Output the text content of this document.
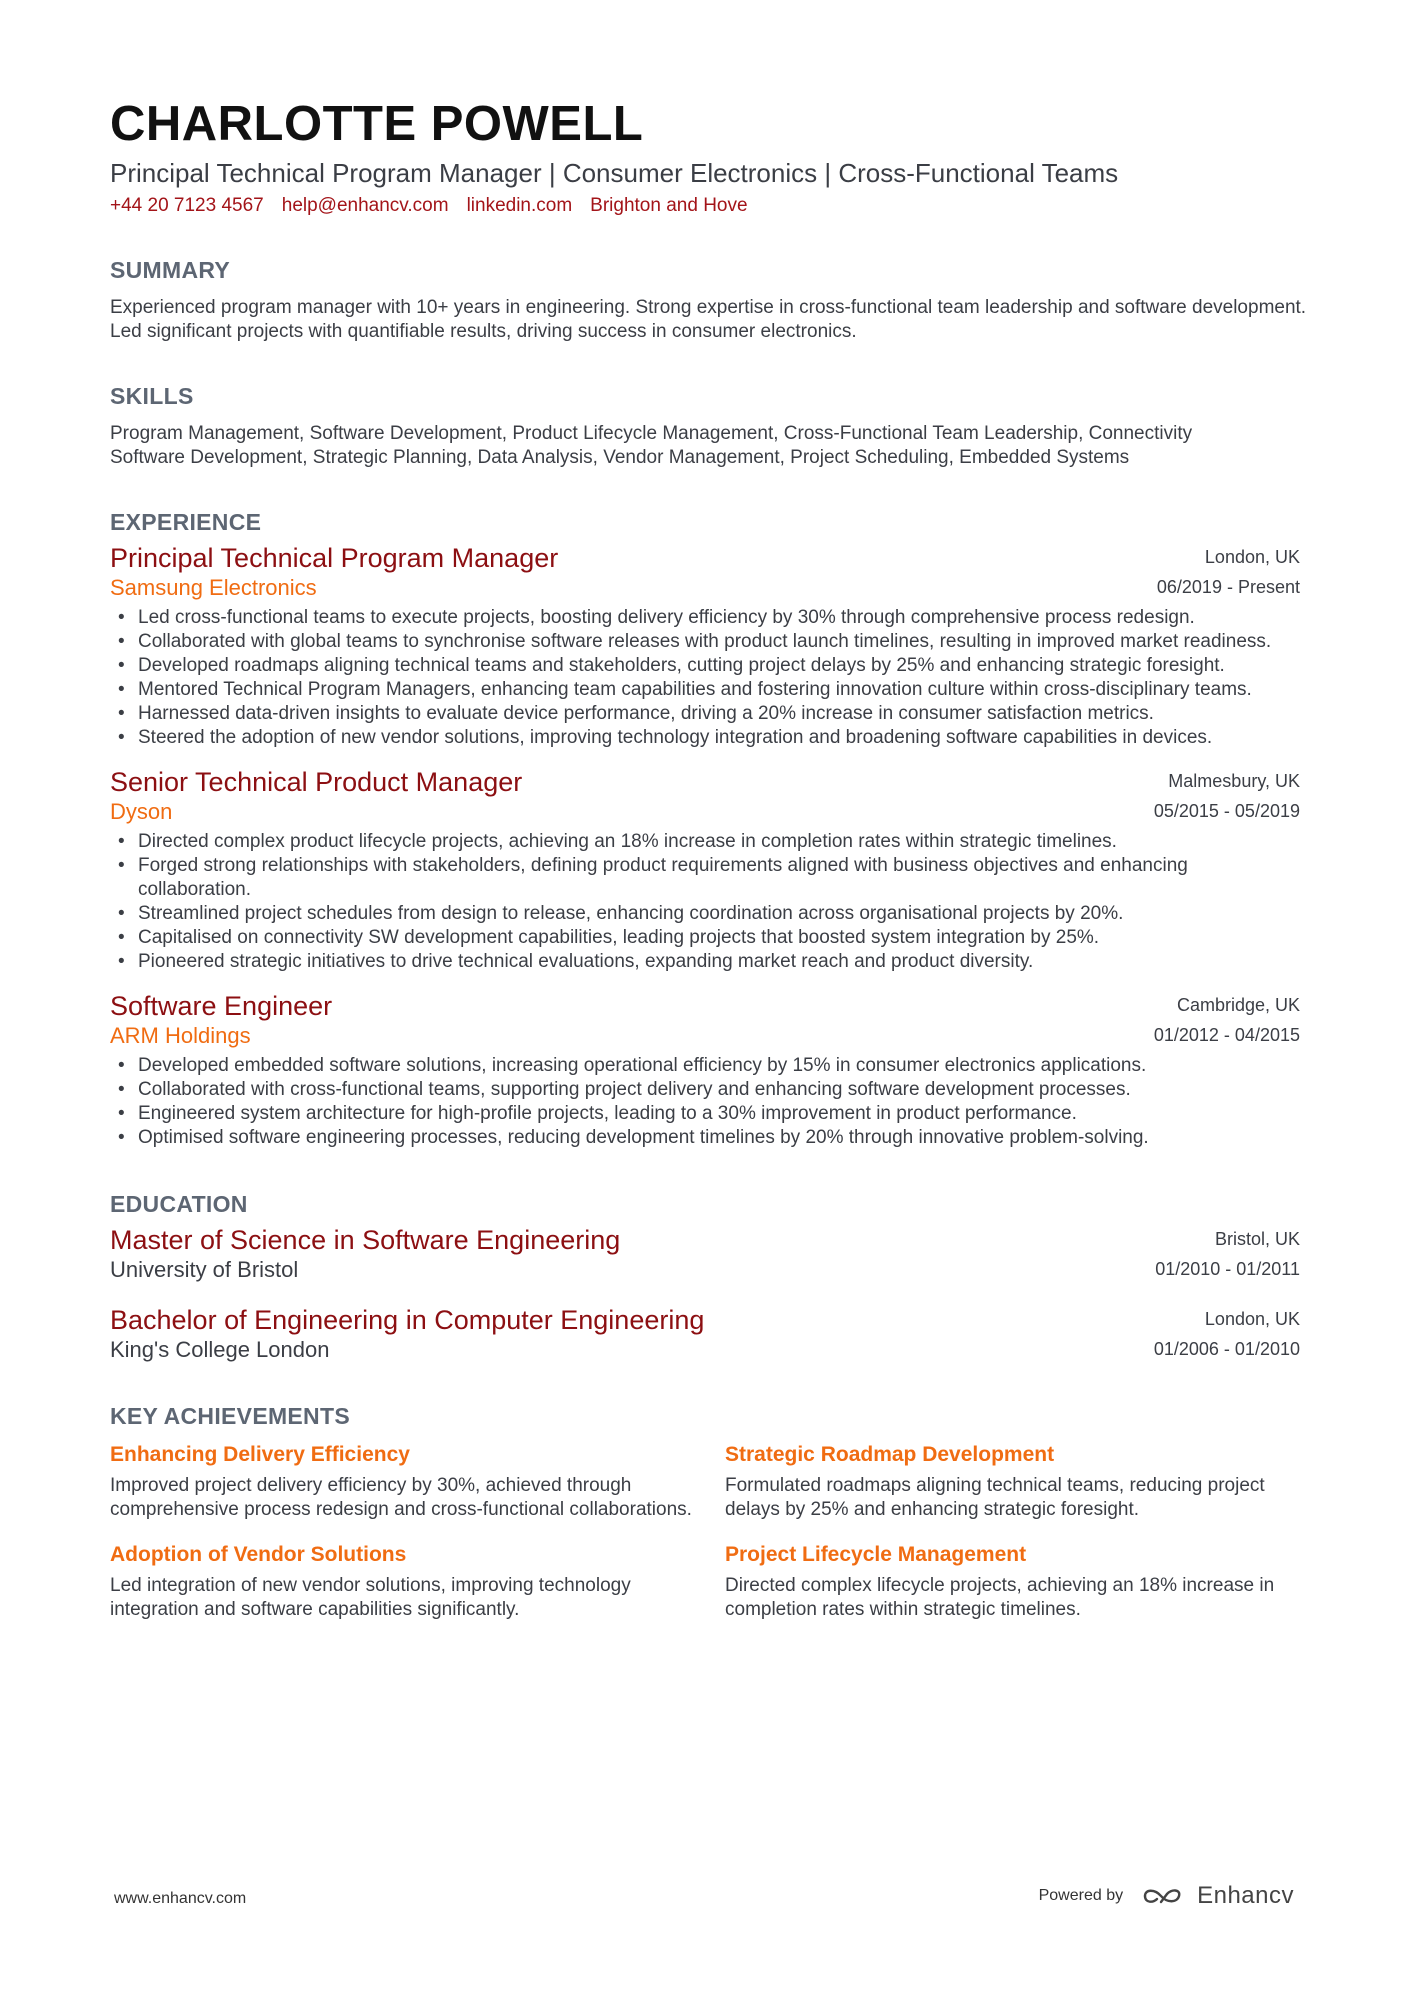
CHARLOTTE POWELL
Principal Technical Program Manager | Consumer Electronics | Cross-Functional Teams
+44 20 7123 4567 help@enhancv.com linkedin.com Brighton and Hove
SUMMARY
Experienced program manager with 10+ years in engineering. Strong expertise in cross-functional team leadership and software development. Led significant projects with quantifiable results, driving success in consumer electronics.
SKILLS
Program Management, Software Development, Product Lifecycle Management, Cross-Functional Team Leadership, Connectivity Software Development, Strategic Planning, Data Analysis, Vendor Management, Project Scheduling, Embedded Systems
EXPERIENCE
Principal Technical Program Manager
Samsung Electronics
London, UK
06/2019 - Present
• Led cross-functional teams to execute projects, boosting delivery efficiency by 30% through comprehensive process redesign.
• Collaborated with global teams to synchronise software releases with product launch timelines, resulting in improved market readiness.
• Developed roadmaps aligning technical teams and stakeholders, cutting project delays by 25% and enhancing strategic foresight.
• Mentored Technical Program Managers, enhancing team capabilities and fostering innovation culture within cross-disciplinary teams.
• Harnessed data-driven insights to evaluate device performance, driving a 20% increase in consumer satisfaction metrics.
• Steered the adoption of new vendor solutions, improving technology integration and broadening software capabilities in devices.
Senior Technical Product Manager
Dyson
Malmesbury, UK
05/2015 - 05/2019
• Directed complex product lifecycle projects, achieving an 18% increase in completion rates within strategic timelines.
• Forged strong relationships with stakeholders, defining product requirements aligned with business objectives and enhancing collaboration.
• Streamlined project schedules from design to release, enhancing coordination across organisational projects by 20%.
• Capitalised on connectivity SW development capabilities, leading projects that boosted system integration by 25%.
• Pioneered strategic initiatives to drive technical evaluations, expanding market reach and product diversity.
Software Engineer
ARM Holdings
Cambridge, UK
01/2012 - 04/2015
• Developed embedded software solutions, increasing operational efficiency by 15% in consumer electronics applications.
• Collaborated with cross-functional teams, supporting project delivery and enhancing software development processes.
• Engineered system architecture for high-profile projects, leading to a 30% improvement in product performance.
• Optimised software engineering processes, reducing development timelines by 20% through innovative problem-solving.
EDUCATION
Master of Science in Software Engineering
University of Bristol
Bristol, UK
01/2010 - 01/2011
Bachelor of Engineering in Computer Engineering
King's College London
London, UK
01/2006 - 01/2010
KEY ACHIEVEMENTS
Enhancing Delivery Efficiency
Improved project delivery efficiency by 30%, achieved through comprehensive process redesign and cross-functional collaborations.
Strategic Roadmap Development
Formulated roadmaps aligning technical teams, reducing project delays by 25% and enhancing strategic foresight.
Adoption of Vendor Solutions
Led integration of new vendor solutions, improving technology integration and software capabilities significantly.
Project Lifecycle Management
Directed complex lifecycle projects, achieving an 18% increase in completion rates within strategic timelines.
www.enhancv.com	Powered by	Enhancv
